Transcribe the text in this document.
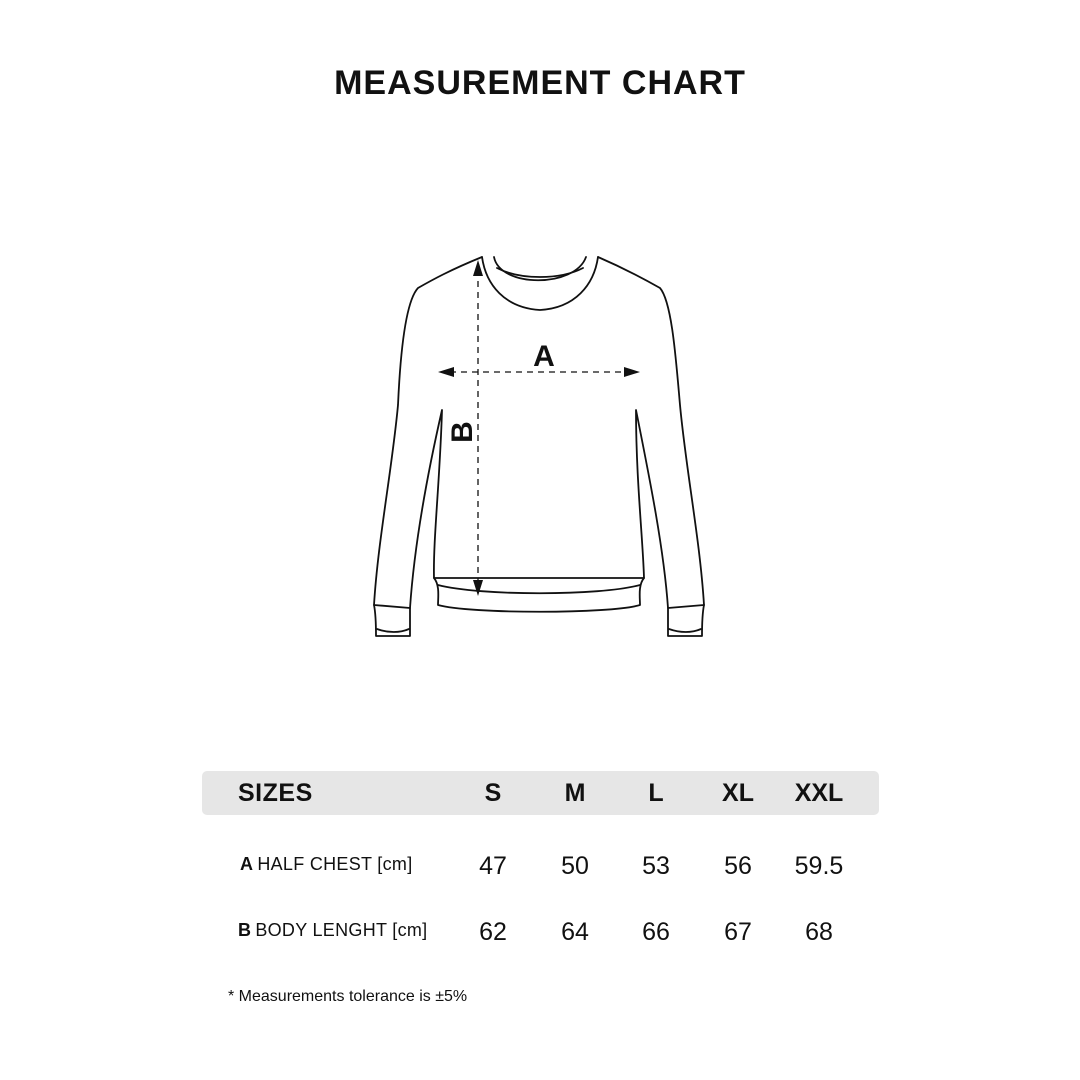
MEASUREMENT CHART
A
B
SIZES	S	M	L	XL	XXL
A HALF CHEST [cm]	47	50	53	56	59.5
B BODY LENGHT [cm]	62	64	66	67	68
* Measurements tolerance is ±5%
